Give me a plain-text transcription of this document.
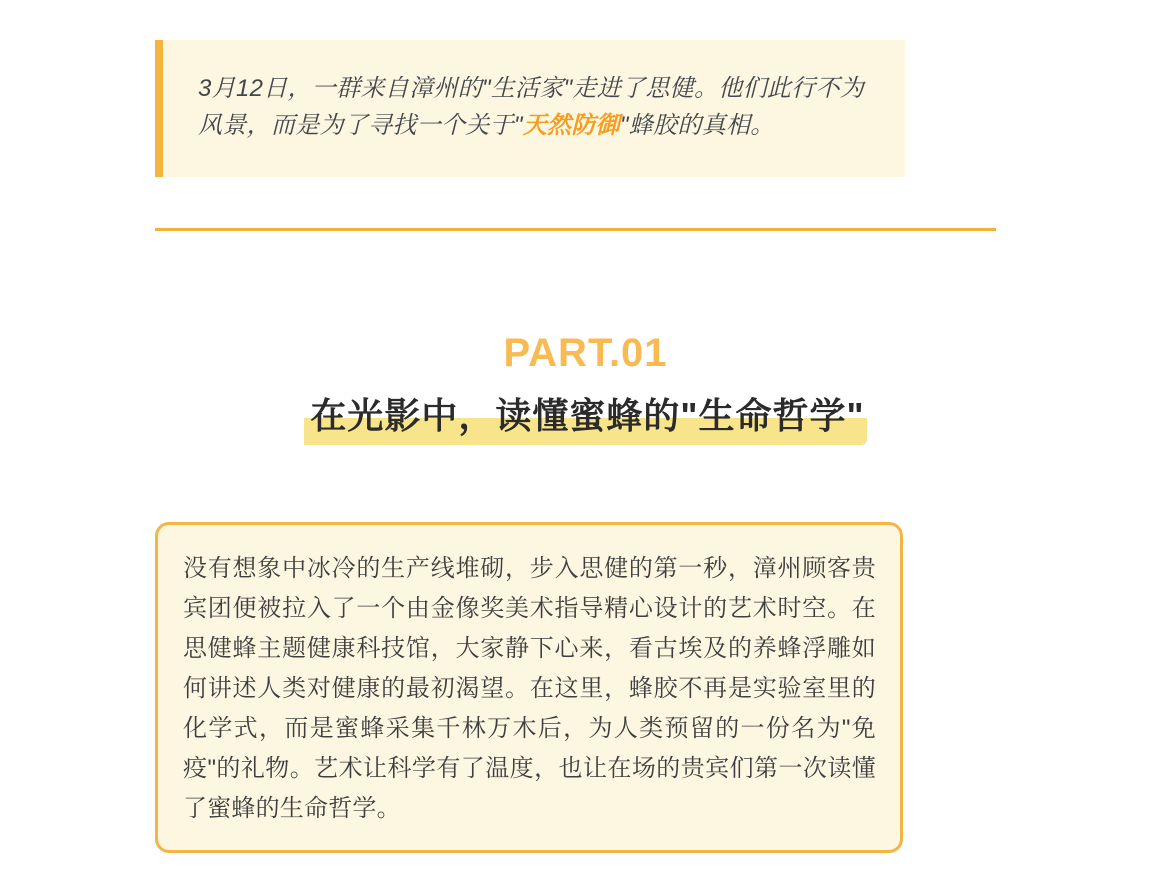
3月12日，一群来自漳州的"生活家"走进了思健。他们此行不为风景，而是为了寻找一个关于"天然防御"蜂胶的真相。

PART.01
在光影中，读懂蜜蜂的"生命哲学"

没有想象中冰冷的生产线堆砌，步入思健的第一秒，漳州顾客贵宾团便被拉入了一个由金像奖美术指导精心设计的艺术时空。在思健蜂主题健康科技馆，大家静下心来，看古埃及的养蜂浮雕如何讲述人类对健康的最初渴望。在这里，蜂胶不再是实验室里的化学式，而是蜜蜂采集千林万木后，为人类预留的一份名为"免疫"的礼物。艺术让科学有了温度，也让在场的贵宾们第一次读懂了蜜蜂的生命哲学。
